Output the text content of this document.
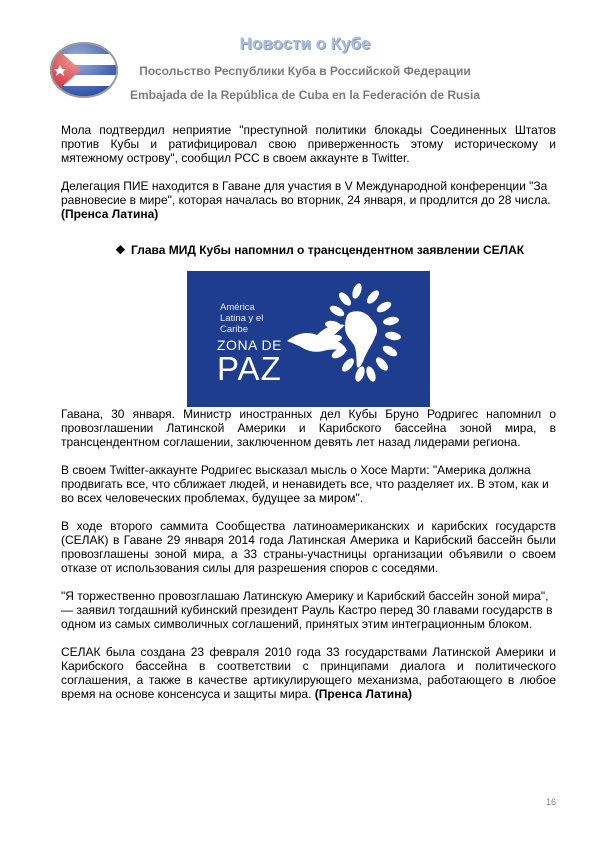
Новости о Кубе
Посольство Республики Куба в Российской Федерации
Embajada de la República de Cuba en la Federación de Rusia

Мола подтвердил неприятие "преступной политики блокады Соединенных Штатов против Кубы и ратифицировал свою приверженность этому историческому и мятежному острову", сообщил РСС в своем аккаунте в Twitter.

Делегация ПИЕ находится в Гаване для участия в V Международной конференции "За равновесие в мире", которая началась во вторник, 24 января, и продлится до 28 числа. (Пренса Латина)

❖ Глава МИД Кубы напомнил о трансцендентном заявлении СЕЛАК
América
Latina y el
Caribe
ZONA DE
PAZ

Гавана, 30 января. Министр иностранных дел Кубы Бруно Родригес напомнил о провозглашении Латинской Америки и Карибского бассейна зоной мира, в трансцендентном соглашении, заключенном девять лет назад лидерами региона.

В своем Twitter-аккаунте Родригес высказал мысль о Хосе Марти: "Америка должна продвигать все, что сближает людей, и ненавидеть все, что разделяет их. В этом, как и во всех человеческих проблемах, будущее за миром".

В ходе второго саммита Сообщества латиноамериканских и карибских государств (СЕЛАК) в Гаване 29 января 2014 года Латинская Америка и Карибский бассейн были провозглашены зоной мира, а 33 страны-участницы организации объявили о своем отказе от использования силы для разрешения споров с соседями.

"Я торжественно провозглашаю Латинскую Америку и Карибский бассейн зоной мира", — заявил тогдашний кубинский президент Рауль Кастро перед 30 главами государств в одном из самых символичных соглашений, принятых этим интеграционным блоком.

СЕЛАК была создана 23 февраля 2010 года 33 государствами Латинской Америки и Карибского бассейна в соответствии с принципами диалога и политического соглашения, а также в качестве артикулирующего механизма, работающего в любое время на основе консенсуса и защиты мира. (Пренса Латина)

16
